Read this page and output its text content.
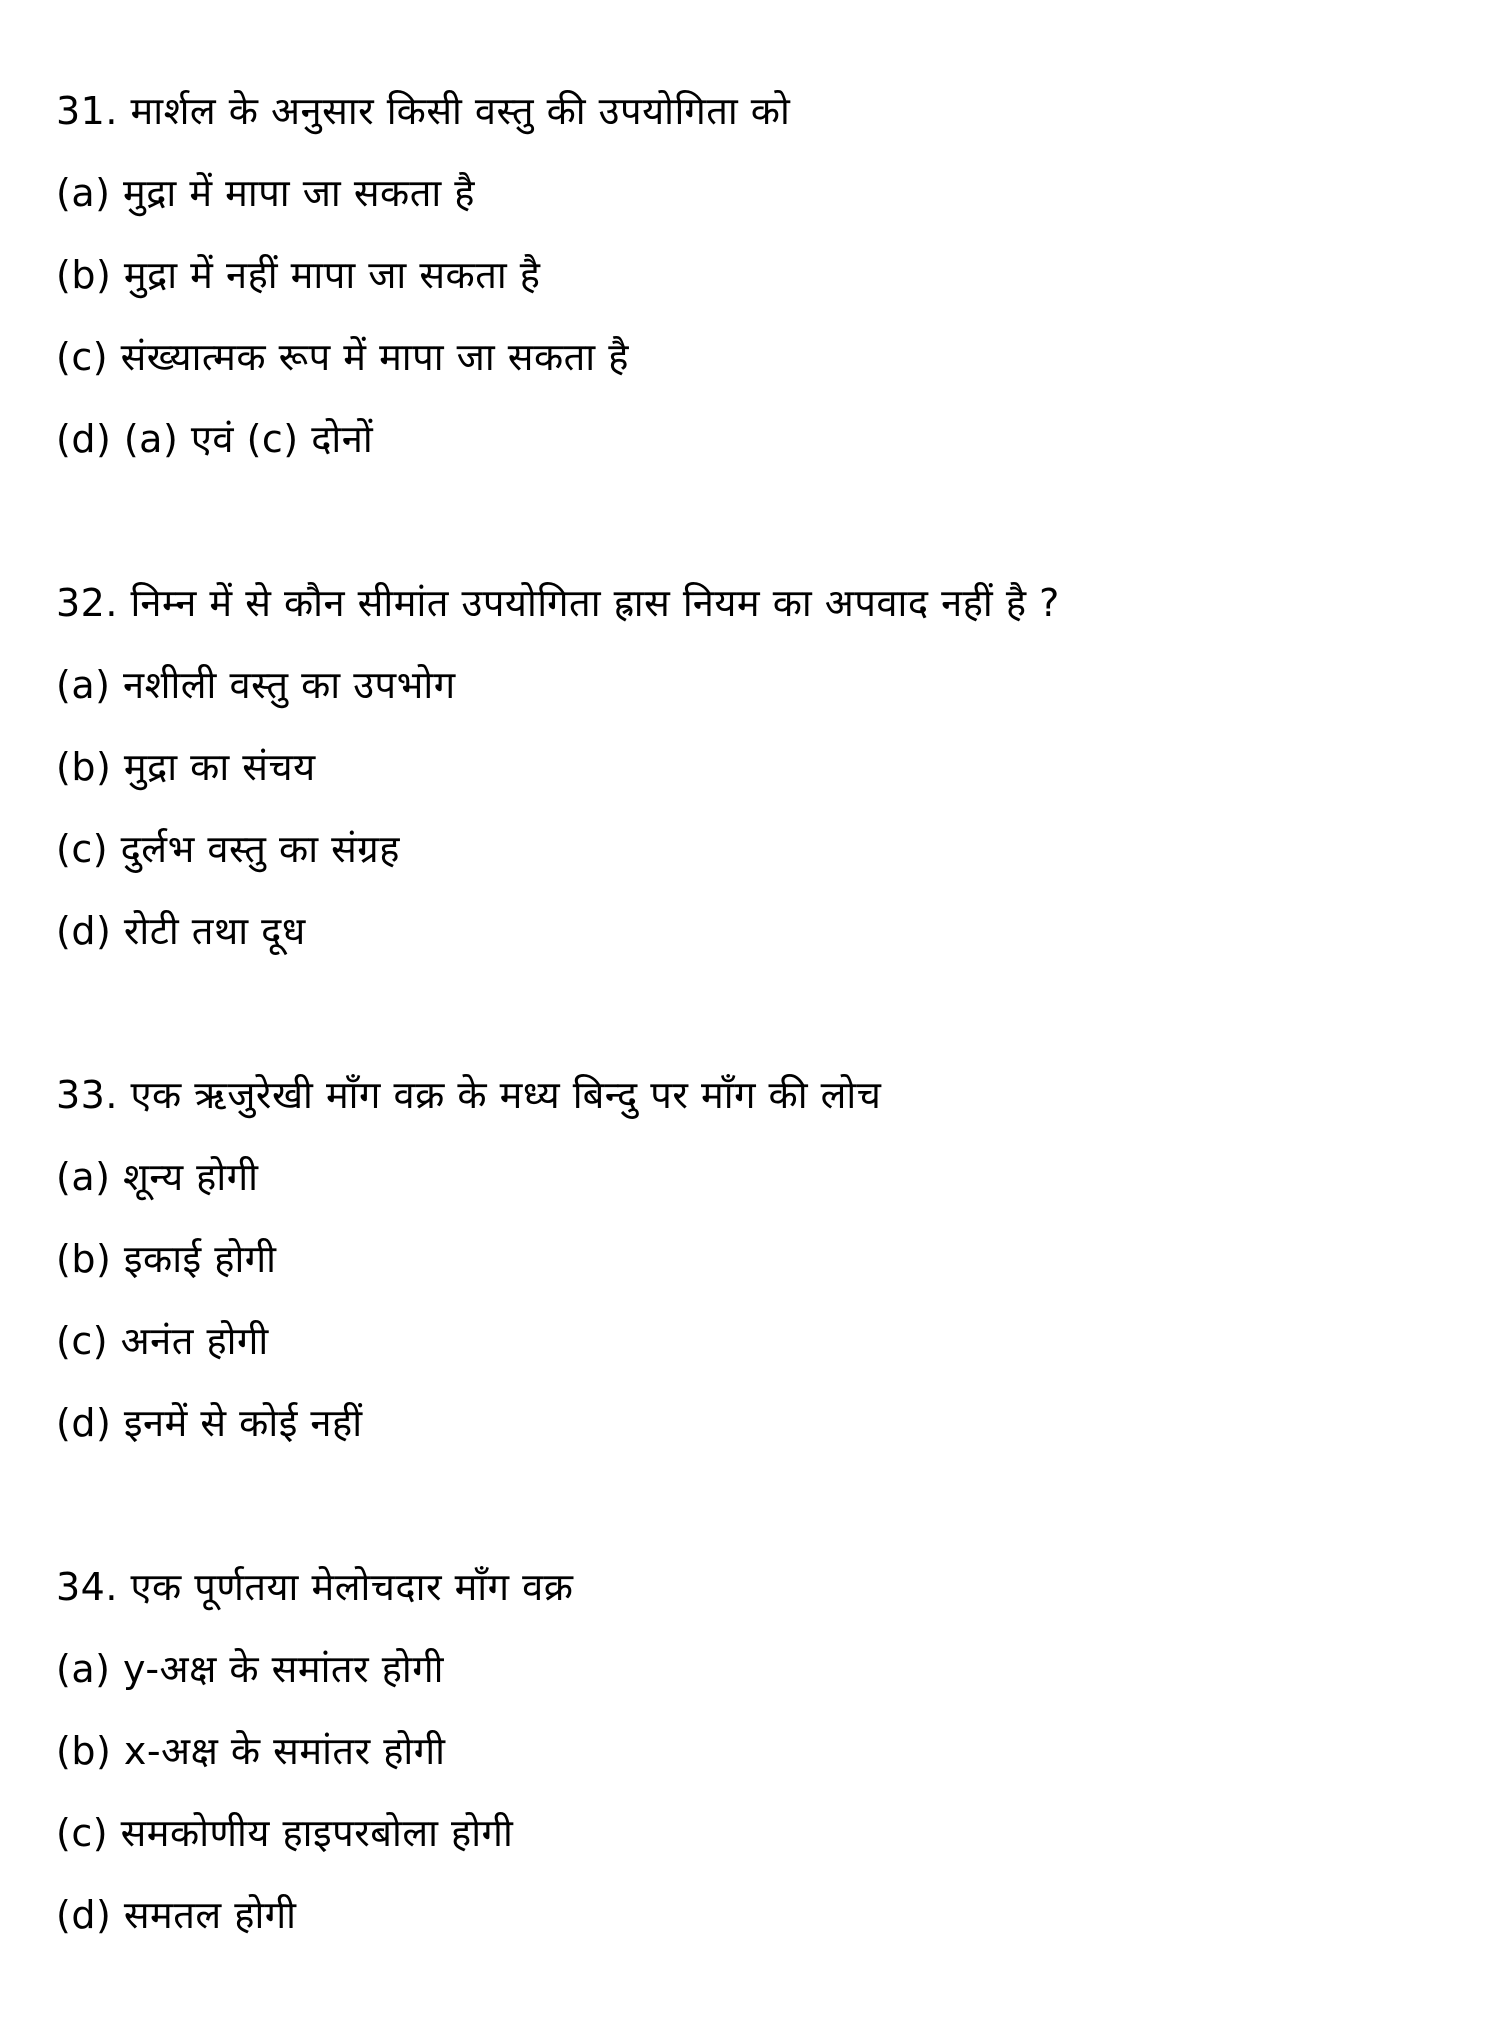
31. मार्शल के अनुसार किसी वस्तु की उपयोगिता को
(a) मुद्रा में मापा जा सकता है
(b) मुद्रा में नहीं मापा जा सकता है
(c) संख्यात्मक रूप में मापा जा सकता है
(d) (a) एवं (c) दोनों
32. निम्न में से कौन सीमांत उपयोगिता ह्रास नियम का अपवाद नहीं है ?
(a) नशीली वस्तु का उपभोग
(b) मुद्रा का संचय
(c) दुर्लभ वस्तु का संग्रह
(d) रोटी तथा दूध
33. एक ऋजुरेखी माँग वक्र के मध्य बिन्दु पर माँग की लोच
(a) शून्य होगी
(b) इकाई होगी
(c) अनंत होगी
(d) इनमें से कोई नहीं
34. एक पूर्णतया मेलोचदार माँग वक्र
(a) y-अक्ष के समांतर होगी
(b) x-अक्ष के समांतर होगी
(c) समकोणीय हाइपरबोला होगी
(d) समतल होगी
